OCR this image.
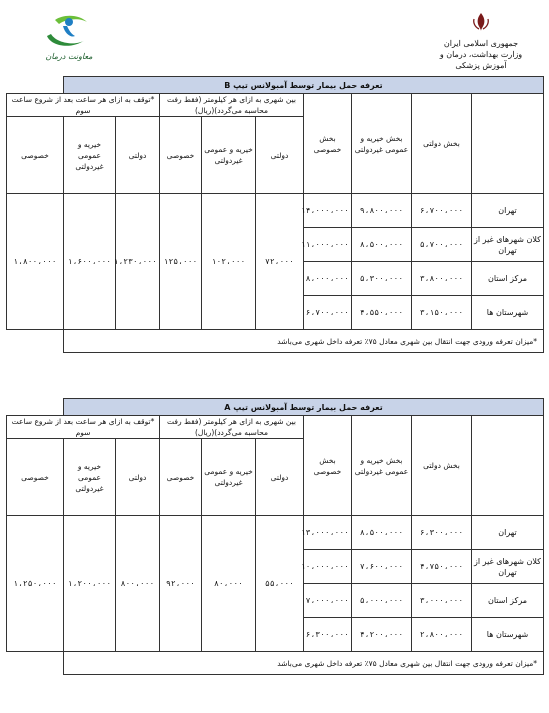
جمهوری اسلامی ایران
وزارت بهداشت، درمان و آموزش پزشکی
معاونت درمان
تعرفه حمل بیمار توسط آمبولانس تیپ B									
	بخش دولتی	بخش خیریه و عمومی غیردولتی	بخش خصوصی	بین شهری به ازای هر کیلومتر (فقط رفت محاسبه می‌گردد)(ریال)			*توقف به ازای هر ساعت بعد از شروع ساعت سوم		
				دولتی	خیریه و عمومی غیردولتی	خصوصی	دولتی	خیریه و عمومی غیردولتی	خصوصی
تهران	۶،۷۰۰،۰۰۰	۹،۸۰۰،۰۰۰	۱۴،۰۰۰،۰۰۰	۷۲،۰۰۰	۱۰۲،۰۰۰	۱۲۵،۰۰۰	۱،۲۳۰،۰۰۰	۱،۶۰۰،۰۰۰	۱،۸۰۰،۰۰۰
کلان شهرهای غیر از تهران	۵،۷۰۰،۰۰۰	۸،۵۰۰،۰۰۰	۱۱،۰۰۰،۰۰۰						
مرکز استان	۳،۸۰۰،۰۰۰	۵،۳۰۰،۰۰۰	۸،۰۰۰،۰۰۰						
شهرستان ها	۳،۱۵۰،۰۰۰	۴،۵۵۰،۰۰۰	۶،۷۰۰،۰۰۰						
*میزان تعرفه ورودی جهت انتقال بین شهری معادل ۷۵٪ تعرفه داخل شهری می‌باشد									
تعرفه حمل بیمار توسط آمبولانس تیپ A									
	بخش دولتی	بخش خیریه و عمومی غیردولتی	بخش خصوصی	بین شهری به ازای هر کیلومتر (فقط رفت محاسبه می‌گردد)(ریال)			*توقف به ازای هر ساعت بعد از شروع ساعت سوم		
				دولتی	خیریه و عمومی غیردولتی	خصوصی	دولتی	خیریه و عمومی غیردولتی	خصوصی
تهران	۶،۳۰۰،۰۰۰	۸،۵۰۰،۰۰۰	۱۳،۰۰۰،۰۰۰	۵۵،۰۰۰	۸۰،۰۰۰	۹۲،۰۰۰	۸۰۰،۰۰۰	۱،۲۰۰،۰۰۰	۱،۲۵۰،۰۰۰
کلان شهرهای غیر از تهران	۴،۷۵۰،۰۰۰	۷،۶۰۰،۰۰۰	۱۰،۰۰۰،۰۰۰						
مرکز استان	۳،۰۰۰،۰۰۰	۵،۰۰۰،۰۰۰	۷،۰۰۰،۰۰۰						
شهرستان ها	۲،۸۰۰،۰۰۰	۴،۲۰۰،۰۰۰	۶،۳۰۰،۰۰۰						
*میزان تعرفه ورودی جهت انتقال بین شهری معادل ۷۵٪ تعرفه داخل شهری می‌باشد									
